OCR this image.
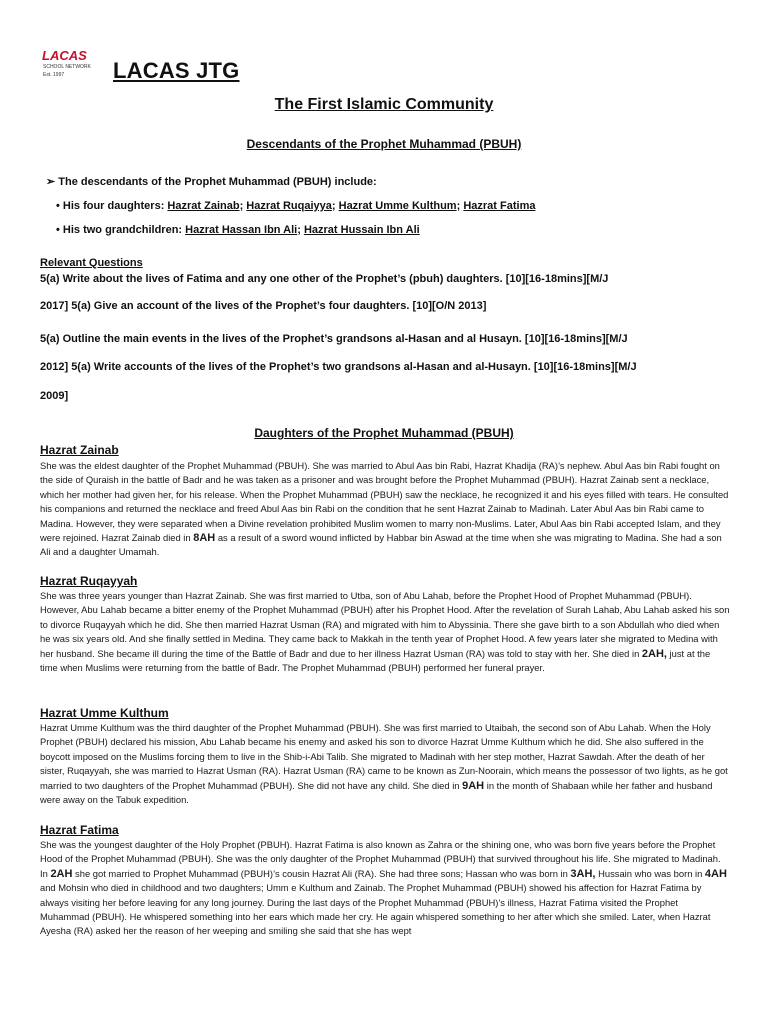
LACAS
SCHOOL NETWORK
Est. 1997 LACAS JTG
The First Islamic Community
Descendants of the Prophet Muhammad (PBUH)
➢ The descendants of the Prophet Muhammad (PBUH) include:
• His four daughters: Hazrat Zainab; Hazrat Ruqaiyya; Hazrat Umme Kulthum; Hazrat Fatima
• His two grandchildren: Hazrat Hassan Ibn Ali; Hazrat Hussain Ibn Ali
Relevant Questions
5(a) Write about the lives of Fatima and any one other of the Prophet’s (pbuh) daughters. [10][16-18mins][M/J
2017] 5(a) Give an account of the lives of the Prophet’s four daughters. [10][O/N 2013]
5(a) Outline the main events in the lives of the Prophet’s grandsons al-Hasan and al Husayn. [10][16-18mins][M/J
2012] 5(a) Write accounts of the lives of the Prophet’s two grandsons al-Hasan and al-Husayn. [10][16-18mins][M/J
2009]
Daughters of the Prophet Muhammad (PBUH)
Hazrat Zainab

She was the eldest daughter of the Prophet Muhammad (PBUH). She was married to Abul Aas bin Rabi, Hazrat Khadija (RA)’s nephew. Abul Aas bin Rabi fought on the side of Quraish in the battle of Badr and he was taken as a prisoner and was brought before the Prophet Muhammad (PBUH). Hazrat Zainab sent a necklace, which her mother had given her, for his release. When the Prophet Muhammad (PBUH) saw the necklace, he recognized it and his eyes filled with tears. He consulted his companions and returned the necklace and freed Abul Aas bin Rabi on the condition that he sent Hazrat Zainab to Madinah. Later Abul Aas bin Rabi came to Madina. However, they were separated when a Divine revelation prohibited Muslim women to marry non-Muslims. Later, Abul Aas bin Rabi accepted Islam, and they were rejoined. Hazrat Zainab died in 8AH as a result of a sword wound inflicted by Habbar bin Aswad at the time when she was migrating to Madina. She had a son Ali and a daughter Umamah.

Hazrat Ruqayyah

She was three years younger than Hazrat Zainab. She was first married to Utba, son of Abu Lahab, before the Prophet Hood of Prophet Muhammad (PBUH). However, Abu Lahab became a bitter enemy of the Prophet Muhammad (PBUH) after his Prophet Hood. After the revelation of Surah Lahab, Abu Lahab asked his son to divorce Ruqayyah which he did. She then married Hazrat Usman (RA) and migrated with him to Abyssinia. There she gave birth to a son Abdullah who died when he was six years old. And she finally settled in Medina. They came back to Makkah in the tenth year of Prophet Hood. A few years later she migrated to Medina with her husband. She became ill during the time of the Battle of Badr and due to her illness Hazrat Usman (RA) was told to stay with her. She died in 2AH, just at the time when Muslims were returning from the battle of Badr. The Prophet Muhammad (PBUH) performed her funeral prayer.

Hazrat Umme Kulthum

Hazrat Umme Kulthum was the third daughter of the Prophet Muhammad (PBUH). She was first married to Utaibah, the second son of Abu Lahab. When the Holy Prophet (PBUH) declared his mission, Abu Lahab became his enemy and asked his son to divorce Hazrat Umme Kulthum which he did. She also suffered in the boycott imposed on the Muslims forcing them to live in the Shib-i-Abi Talib. She migrated to Madinah with her step mother, Hazrat Sawdah. After the death of her sister, Ruqayyah, she was married to Hazrat Usman (RA). Hazrat Usman (RA) came to be known as Zun-Noorain, which means the possessor of two lights, as he got married to two daughters of the Prophet Muhammad (PBUH). She did not have any child. She died in 9AH in the month of Shabaan while her father and husband were away on the Tabuk expedition.

Hazrat Fatima

She was the youngest daughter of the Holy Prophet (PBUH). Hazrat Fatima is also known as Zahra or the shining one, who was born five years before the Prophet Hood of the Prophet Muhammad (PBUH). She was the only daughter of the Prophet Muhammad (PBUH) that survived throughout his life. She migrated to Madinah. In 2AH she got married to Prophet Muhammad (PBUH)’s cousin Hazrat Ali (RA). She had three sons; Hassan who was born in 3AH, Hussain who was born in 4AH and Mohsin who died in childhood and two daughters; Umm e Kulthum and Zainab. The Prophet Muhammad (PBUH) showed his affection for Hazrat Fatima by always visiting her before leaving for any long journey. During the last days of the Prophet Muhammad (PBUH)’s illness, Hazrat Fatima visited the Prophet Muhammad (PBUH). He whispered something into her ears which made her cry. He again whispered something to her after which she smiled. Later, when Hazrat Ayesha (RA) asked her the reason of her weeping and smiling she said that she has wept
